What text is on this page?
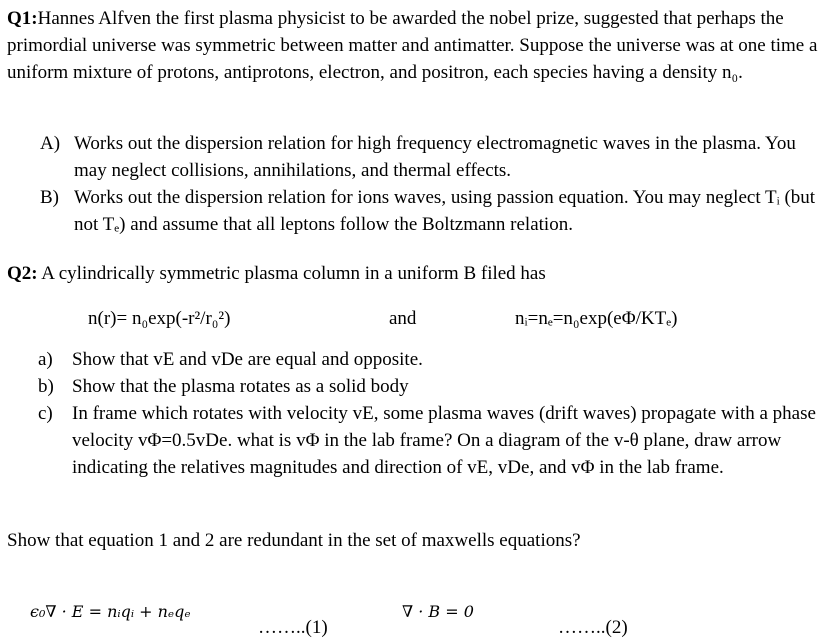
Q1:Hannes Alfven the first plasma physicist to be awarded the nobel prize, suggested that perhaps the primordial universe was symmetric between matter and antimatter. Suppose the universe was at one time a uniform mixture of protons, antiprotons, electron, and positron, each species having a density n₀.

A) Works out the dispersion relation for high frequency electromagnetic waves in the plasma. You may neglect collisions, annihilations, and thermal effects.
B) Works out the dispersion relation for ions waves, using passion equation. You may neglect Tᵢ (but not Tₑ) and assume that all leptons follow the Boltzmann relation.
Q2: A cylindrically symmetric plasma column in a uniform B filed has
n(r)= n₀exp(-r²/r₀²)	and	nᵢ=nₑ=n₀exp(eΦ/KTₑ)
a) Show that vE and vDe are equal and opposite.
b) Show that the plasma rotates as a solid body
c) In frame which rotates with velocity vE, some plasma waves (drift waves) propagate with a phase velocity vΦ=0.5vDe. what is vΦ in the lab frame? On a diagram of the v-θ plane, draw arrow indicating the relatives magnitudes and direction of vE, vDe, and vΦ in the lab frame.
Show that equation 1 and 2 are redundant in the set of maxwells equations?
ϵ₀∇ · E = nᵢqᵢ + nₑqₑ
……..(1)
∇ · B = 0
……..(2)
